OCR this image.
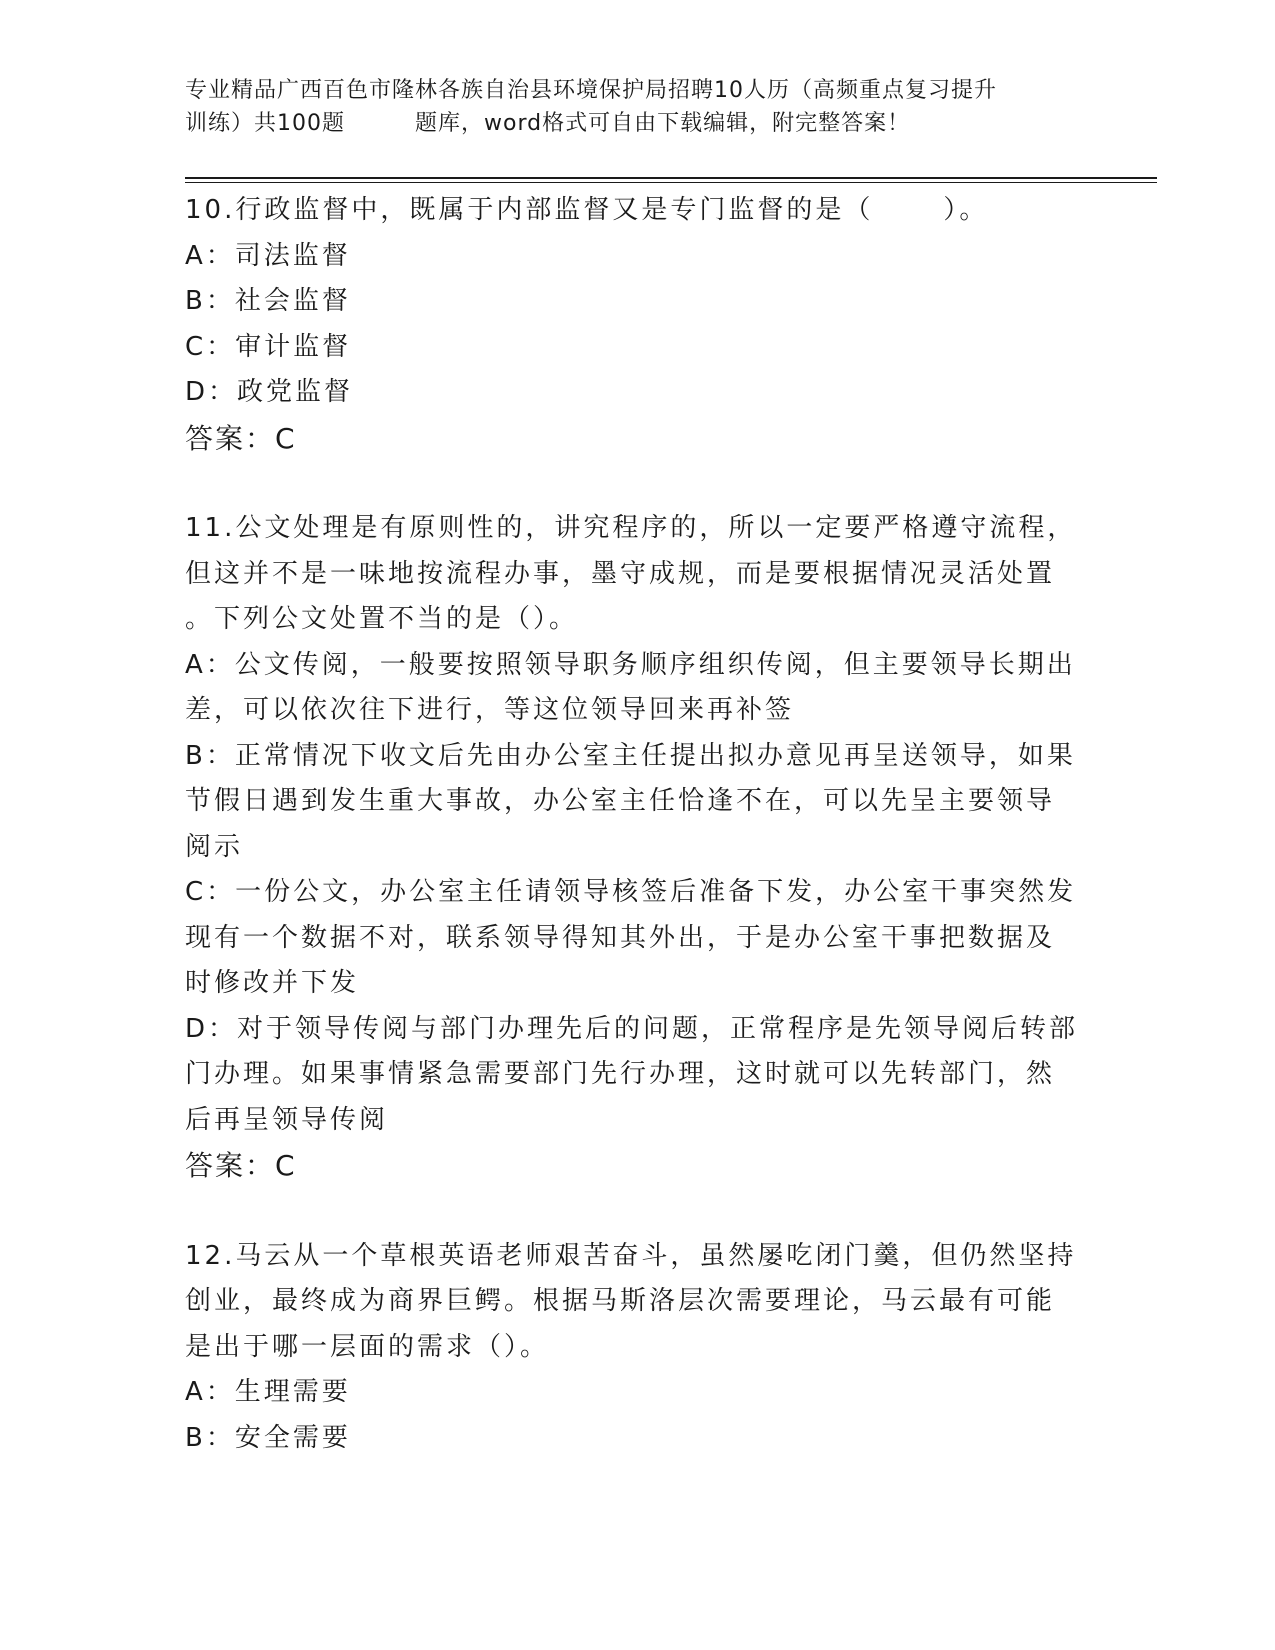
专业精品广西百色市隆林各族自治县环境保护局招聘10人历（高频重点复习提升
训练）共100题	题库，word格式可自由下载编辑，附完整答案！

10.行政监督中，既属于内部监督又是专门监督的是（	）。

A：司法监督

B：社会监督

C：审计监督

D：政党监督

答案：C

11.公文处理是有原则性的，讲究程序的，所以一定要严格遵守流程，

但这并不是一味地按流程办事，墨守成规，而是要根据情况灵活处置

。下列公文处置不当的是（）。

A：公文传阅，一般要按照领导职务顺序组织传阅，但主要领导长期出

差，可以依次往下进行，等这位领导回来再补签

B：正常情况下收文后先由办公室主任提出拟办意见再呈送领导，如果

节假日遇到发生重大事故，办公室主任恰逢不在，可以先呈主要领导

阅示

C：一份公文，办公室主任请领导核签后准备下发，办公室干事突然发

现有一个数据不对，联系领导得知其外出，于是办公室干事把数据及

时修改并下发

D：对于领导传阅与部门办理先后的问题，正常程序是先领导阅后转部

门办理。如果事情紧急需要部门先行办理，这时就可以先转部门，然

后再呈领导传阅

答案：C

12.马云从一个草根英语老师艰苦奋斗，虽然屡吃闭门羹，但仍然坚持

创业，最终成为商界巨鳄。根据马斯洛层次需要理论，马云最有可能

是出于哪一层面的需求（）。

A：生理需要

B：安全需要
